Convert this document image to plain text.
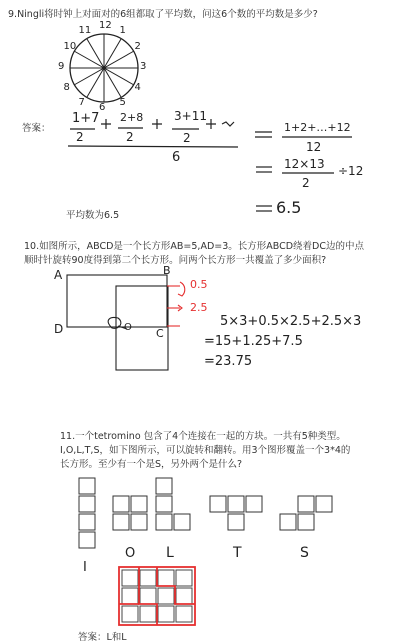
9.Ningli将时钟上对面对的6组都取了平均数，问这6个数的平均数是多少?
12 1
2
3
4
5
6
7
8
9
10
11
答案：
1+7 2+8	3+11
2	2	2
6
1+2+…+12
12
12×13
2
÷12
6.5
平均数为6.5
10.如图所示，ABCD是一个长方形AB=5,AD=3。长方形ABCD绕着DC边的中点
顺时针旋转90度得到第二个长方形。问两个长方形一共覆盖了多少面积?
A	B
D	C
O
0.5
2.5
5×3+0.5×2.5+2.5×3
=15+1.25+7.5
=23.75
11.一个tetromino 包含了4个连接在一起的方块。一共有5种类型。
I,O,L,T,S，如下图所示，可以旋转和翻转。用3个图形覆盖一个3*4的
长方形。至少有一个是S，另外两个是什么?
I
O L	T	S
答案：L和L
